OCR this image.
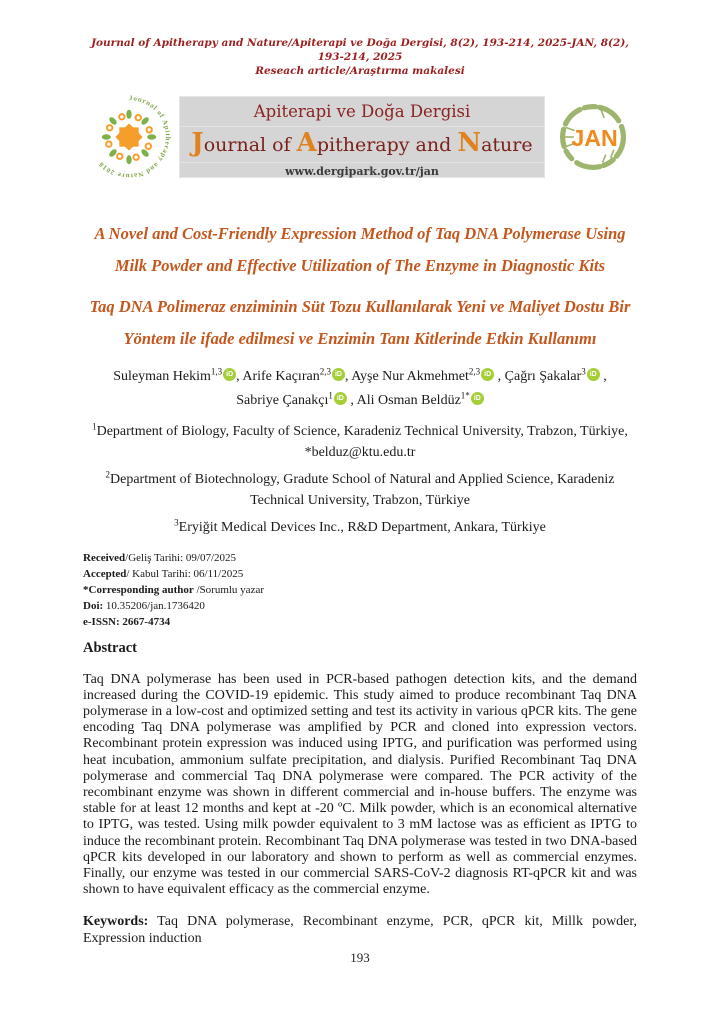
Journal of Apitherapy and Nature/Apiterapi ve Doğa Dergisi, 8(2), 193-214, 2025-JAN, 8(2), 193-214, 2025
Reseach article/Araştırma makalesi
Journal of Apitherapy and Nature 2018
Apiterapi ve Doğa Dergisi
Journal of Apitherapy and Nature
www.dergipark.gov.tr/jan
JAN
A Novel and Cost-Friendly Expression Method of Taq DNA Polymerase Using Milk Powder and Effective Utilization of The Enzyme in Diagnostic Kits
Taq DNA Polimeraz enziminin Süt Tozu Kullanılarak Yeni ve Maliyet Dostu Bir Yöntem ile ifade edilmesi ve Enzimin Tanı Kitlerinde Etkin Kullanımı
Suleyman Hekim$^{1,3}$ iD , Arife Kaçıran$^{2,3}$ iD , Ayşe Nur Akmehmet$^{2,3}$ iD , Çağrı Şakalar$^3$ iD ,
Sabriye Çanakçı$^1$ iD , Ali Osman Beldüz$^{1*}$ iD
$^1$Department of Biology, Faculty of Science, Karadeniz Technical University, Trabzon, Türkiye, *belduz@ktu.edu.tr
$^2$Department of Biotechnology, Gradute School of Natural and Applied Science, Karadeniz Technical University, Trabzon, Türkiye
$^3$Eryiğit Medical Devices Inc., R&D Department, Ankara, Türkiye
Received/Geliş Tarihi: 09/07/2025
Accepted/ Kabul Tarihi: 06/11/2025
*Corresponding author /Sorumlu yazar
Doi: 10.35206/jan.1736420
e-ISSN: 2667-4734
Abstract

Taq DNA polymerase has been used in PCR-based pathogen detection kits, and the demand increased during the COVID-19 epidemic. This study aimed to produce recombinant Taq DNA polymerase in a low-cost and optimized setting and test its activity in various qPCR kits. The gene encoding Taq DNA polymerase was amplified by PCR and cloned into expression vectors. Recombinant protein expression was induced using IPTG, and purification was performed using heat incubation, ammonium sulfate precipitation, and dialysis. Purified Recombinant Taq DNA polymerase and commercial Taq DNA polymerase were compared. The PCR activity of the recombinant enzyme was shown in different commercial and in-house buffers. The enzyme was stable for at least 12 months and kept at -20 ºC. Milk powder, which is an economical alternative to IPTG, was tested. Using milk powder equivalent to 3 mM lactose was as efficient as IPTG to induce the recombinant protein. Recombinant Taq DNA polymerase was tested in two DNA-based qPCR kits developed in our laboratory and shown to perform as well as commercial enzymes. Finally, our enzyme was tested in our commercial SARS-CoV-2 diagnosis RT-qPCR kit and was shown to have equivalent efficacy as the commercial enzyme.

Keywords: Taq DNA polymerase, Recombinant enzyme, PCR, qPCR kit, Millk powder, Expression induction

193
